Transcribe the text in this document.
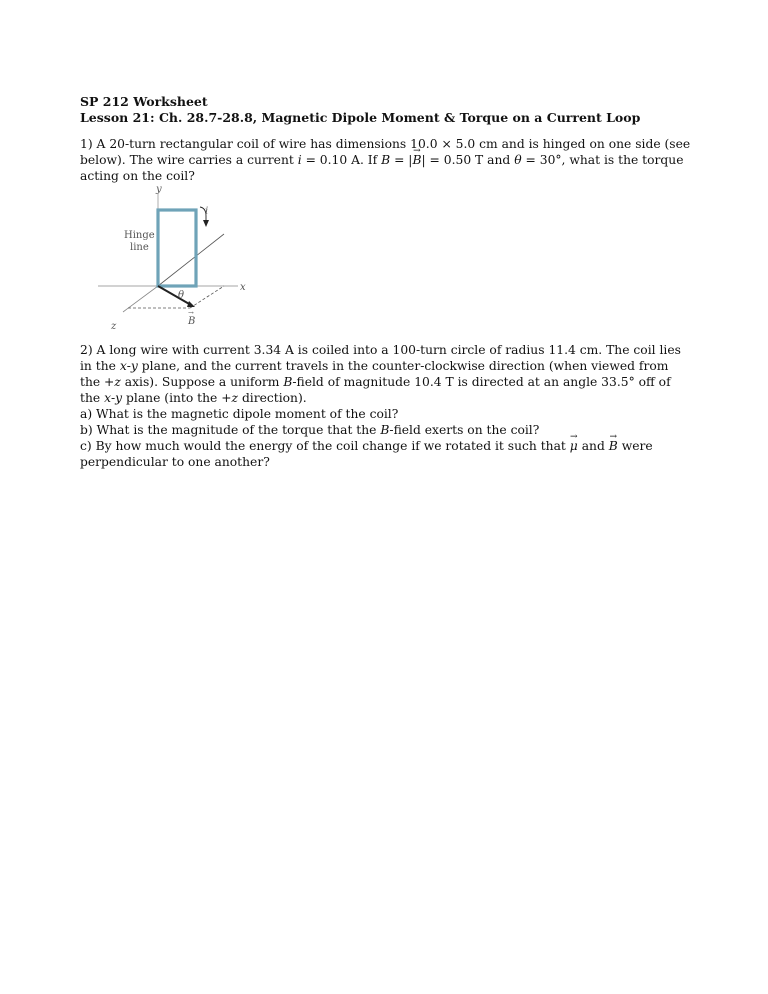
SP 212 Worksheet
Lesson 21: Ch. 28.7-28.8, Magnetic Dipole Moment & Torque on a Current Loop

1) A 20-turn rectangular coil of wire has dimensions 10.0 × 5.0 cm and is hinged on one side (see below). The wire carries a current i = 0.10 A. If B = |→ B| = 0.50 T and θ = 30°, what is the torque acting on the coil?

y
x
z
i
Hinge
line
θ
B
→

2) A long wire with current 3.34 A is coiled into a 100-turn circle of radius 11.4 cm. The coil lies in the x-y plane, and the current travels in the counter-clockwise direction (when viewed from the +z axis). Suppose a uniform B-field of magnitude 10.4 T is directed at an angle 33.5° off of the x-y plane (into the +z direction).

a) What is the magnetic dipole moment of the coil?

b) What is the magnitude of the torque that the B-field exerts on the coil?

c) By how much would the energy of the coil change if we rotated it such that → μ and → B were perpendicular to one another?
